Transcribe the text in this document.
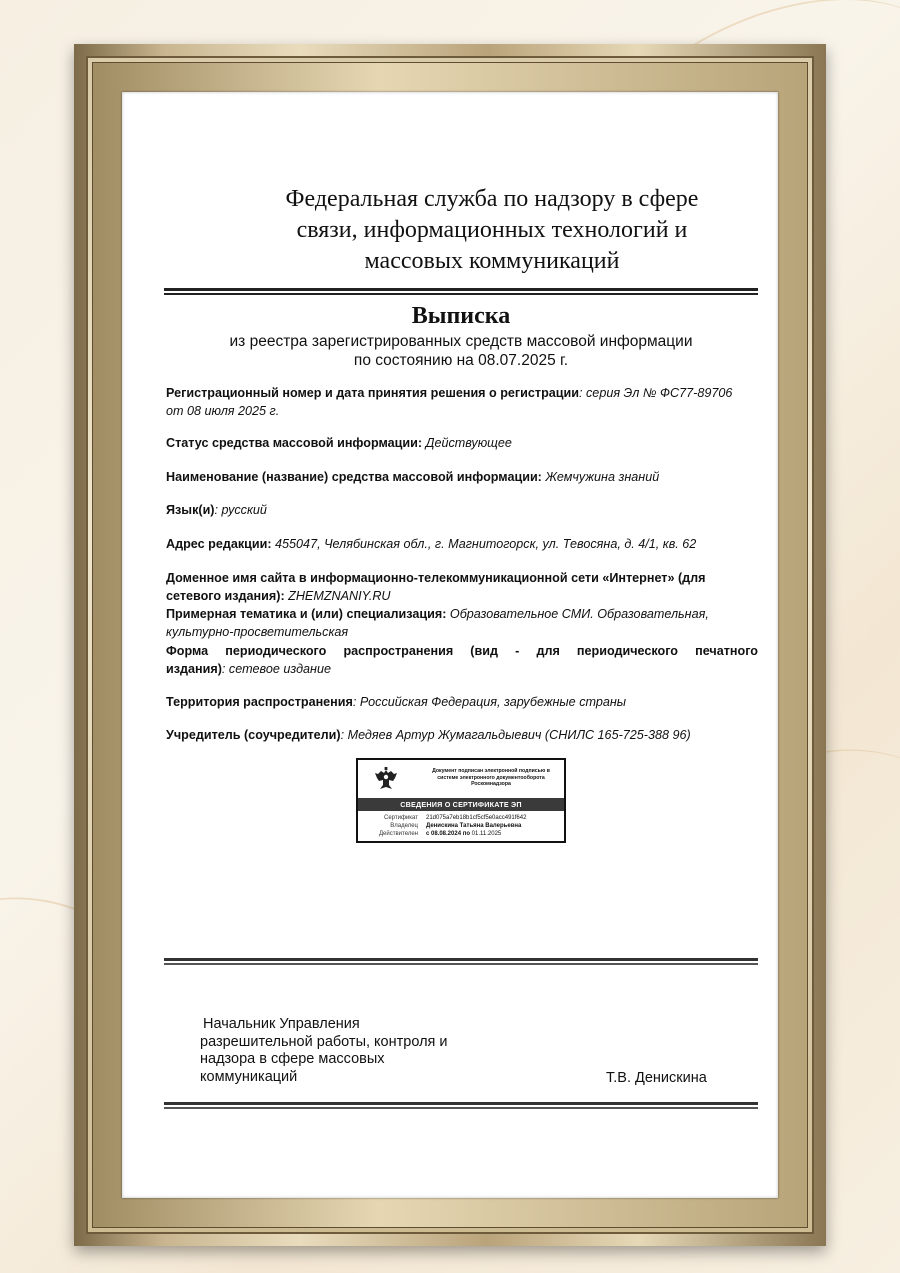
Федеральная служба по надзору в сфере
связи, информационных технологий и
массовых коммуникаций
Выписка
из реестра зарегистрированных средств массовой информации
по состоянию на 08.07.2025 г.
Регистрационный номер и дата принятия решения о регистрации: серия Эл № ФС77-89706
от 08 июля 2025 г.
Статус средства массовой информации: Действующее
Наименование (название) средства массовой информации: Жемчужина знаний
Язык(и): русский
Адрес редакции: 455047, Челябинская обл., г. Магнитогорск, ул. Тевосяна, д. 4/1, кв. 62
Доменное имя сайта в информационно-телекоммуникационной сети «Интернет» (для
сетевого издания): ZHEMZNANIY.RU
Примерная тематика и (или) специализация: Образовательное СМИ. Образовательная,
культурно-просветительская
Форма периодического распространения (вид - для периодического печатного
издания): сетевое издание
Территория распространения: Российская Федерация, зарубежные страны
Учредитель (соучредители): Медяев Артур Жумагальдыевич (СНИЛС 165-725-388 96)
Документ подписан электронной подписью в
системе электронного документооборота
Роскомнадзора
СВЕДЕНИЯ О СЕРТИФИКАТЕ ЭП
Сертификат 21d075a7eb18b1cf5cf5e0acc491f642
Владелец Денискина Татьяна Валерьевна
Действителен с 08.08.2024 по 01.11.2025
Начальник Управления
разрешительной работы, контроля и
надзора в сфере массовых
коммуникаций	Т.В. Денискина
